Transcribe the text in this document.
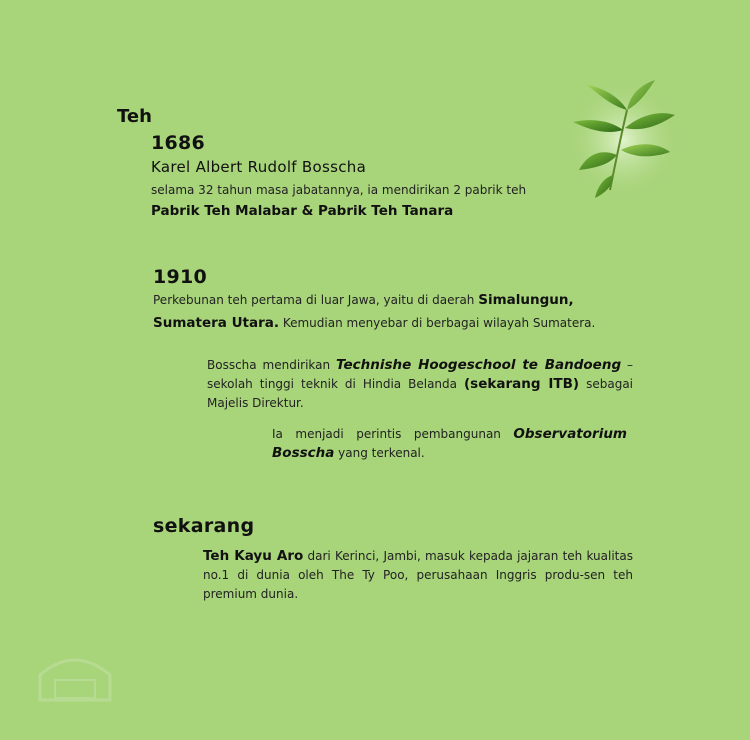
Teh
1686
Karel Albert Rudolf Bosscha
selama 32 tahun masa jabatannya, ia mendirikan 2 pabrik teh
Pabrik Teh Malabar & Pabrik Teh Tanara
1910
Perkebunan teh pertama di luar Jawa, yaitu di daerah Simalungun,
Sumatera Utara. Kemudian menyebar di berbagai wilayah Sumatera.
Bosscha mendirikan Technishe Hoogeschool te Bandoeng – sekolah tinggi teknik di Hindia Belanda (sekarang ITB) sebagai Majelis Direktur.
Ia menjadi perintis pembangunan Observatorium Bosscha yang terkenal.
sekarang
Teh Kayu Aro dari Kerinci, Jambi, masuk kepada jajaran teh kualitas no.1 di dunia oleh The Ty Poo, perusahaan Inggris produ-sen teh premium dunia.
